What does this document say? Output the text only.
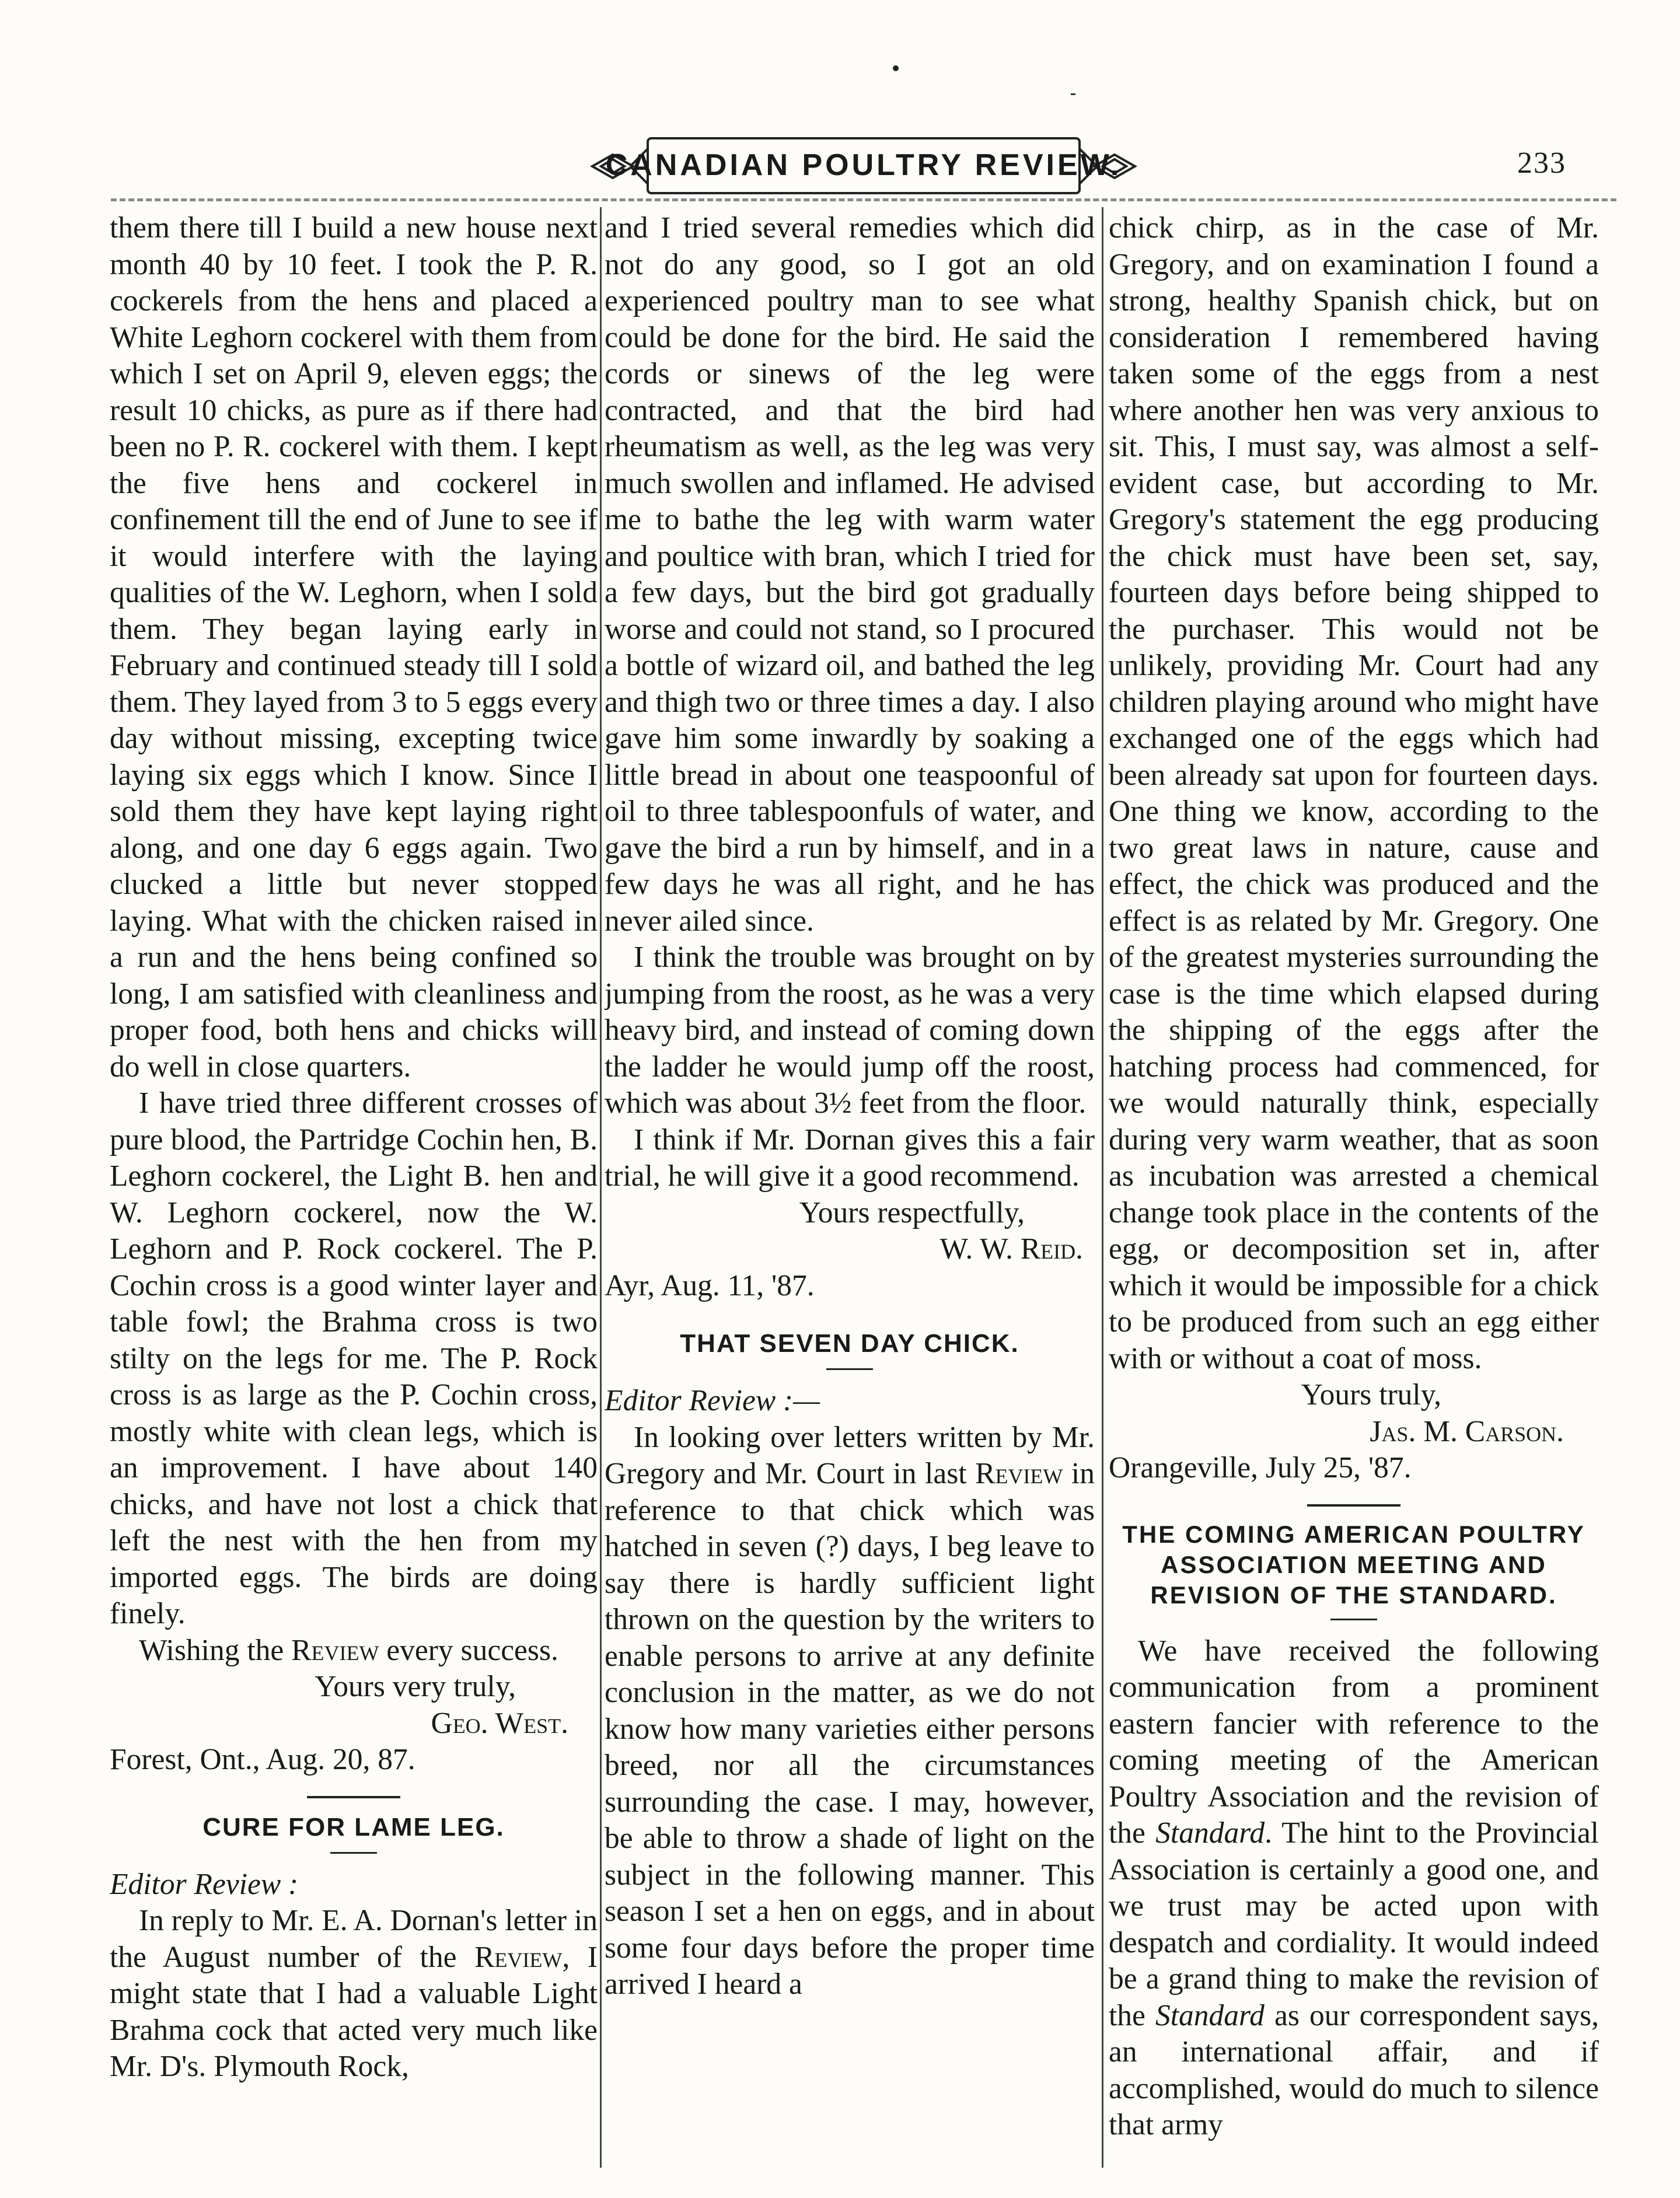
CANADIAN POULTRY REVIEW.	233

them there till I build a new house next month 40 by 10 feet. I took the P. R. cockerels from the hens and placed a White Leghorn cockerel with them from which I set on April 9, eleven eggs; the result 10 chicks, as pure as if there had been no P. R. cockerel with them. I kept the five hens and cockerel in confinement till the end of June to see if it would interfere with the laying qualities of the W. Leghorn, when I sold them. They began laying early in February and continued steady till I sold them. They layed from 3 to 5 eggs every day without missing, excepting twice laying six eggs which I know. Since I sold them they have kept laying right along, and one day 6 eggs again. Two clucked a little but never stopped laying. What with the chicken raised in a run and the hens being confined so long, I am satisfied with cleanliness and proper food, both hens and chicks will do well in close quarters.

I have tried three different crosses of pure blood, the Partridge Cochin hen, B. Leghorn cockerel, the Light B. hen and W. Leghorn cockerel, now the W. Leghorn and P. Rock cockerel. The P. Cochin cross is a good winter layer and table fowl; the Brahma cross is two stilty on the legs for me. The P. Rock cross is as large as the P. Cochin cross, mostly white with clean legs, which is an improvement. I have about 140 chicks, and have not lost a chick that left the nest with the hen from my imported eggs. The birds are doing finely.

Wishing the Review every success.

Yours very truly,

Geo. West.

Forest, Ont., Aug. 20, 87.

CURE FOR LAME LEG.

Editor Review :

In reply to Mr. E. A. Dornan's letter in the August number of the Review, I might state that I had a valuable Light Brahma cock that acted very much like Mr. D's. Plymouth Rock,

and I tried several remedies which did not do any good, so I got an old experienced poultry man to see what could be done for the bird. He said the cords or sinews of the leg were contracted, and that the bird had rheumatism as well, as the leg was very much swollen and inflamed. He advised me to bathe the leg with warm water and poultice with bran, which I tried for a few days, but the bird got gradually worse and could not stand, so I procured a bottle of wizard oil, and bathed the leg and thigh two or three times a day. I also gave him some inwardly by soaking a little bread in about one teaspoonful of oil to three tablespoonfuls of water, and gave the bird a run by himself, and in a few days he was all right, and he has never ailed since.

I think the trouble was brought on by jumping from the roost, as he was a very heavy bird, and instead of coming down the ladder he would jump off the roost, which was about 3½ feet from the floor.

I think if Mr. Dornan gives this a fair trial, he will give it a good recommend.

Yours respectfully,

W. W. Reid.

Ayr, Aug. 11, '87.

THAT SEVEN DAY CHICK.

Editor Review :—

In looking over letters written by Mr. Gregory and Mr. Court in last Review in reference to that chick which was hatched in seven (?) days, I beg leave to say there is hardly sufficient light thrown on the question by the writers to enable persons to arrive at any definite conclusion in the matter, as we do not know how many varieties either persons breed, nor all the circumstances surrounding the case. I may, however, be able to throw a shade of light on the subject in the following manner. This season I set a hen on eggs, and in about some four days before the proper time arrived I heard a

chick chirp, as in the case of Mr. Gregory, and on examination I found a strong, healthy Spanish chick, but on consideration I remembered having taken some of the eggs from a nest where another hen was very anxious to sit. This, I must say, was almost a self-evident case, but according to Mr. Gregory's statement the egg producing the chick must have been set, say, fourteen days before being shipped to the purchaser. This would not be unlikely, providing Mr. Court had any children playing around who might have exchanged one of the eggs which had been already sat upon for fourteen days. One thing we know, according to the two great laws in nature, cause and effect, the chick was produced and the effect is as related by Mr. Gregory. One of the greatest mysteries surrounding the case is the time which elapsed during the shipping of the eggs after the hatching process had commenced, for we would naturally think, especially during very warm weather, that as soon as incubation was arrested a chemical change took place in the contents of the egg, or decomposition set in, after which it would be impossible for a chick to be produced from such an egg either with or without a coat of moss.

Yours truly,

Jas. M. Carson.

Orangeville, July 25, '87.

THE COMING AMERICAN POULTRY ASSOCIATION MEETING AND REVISION OF THE STANDARD.

We have received the following communication from a prominent eastern fancier with reference to the coming meeting of the American Poultry Association and the revision of the Standard. The hint to the Provincial Association is certainly a good one, and we trust may be acted upon with despatch and cordiality. It would indeed be a grand thing to make the revision of the Standard as our correspondent says, an international affair, and if accomplished, would do much to silence that army
